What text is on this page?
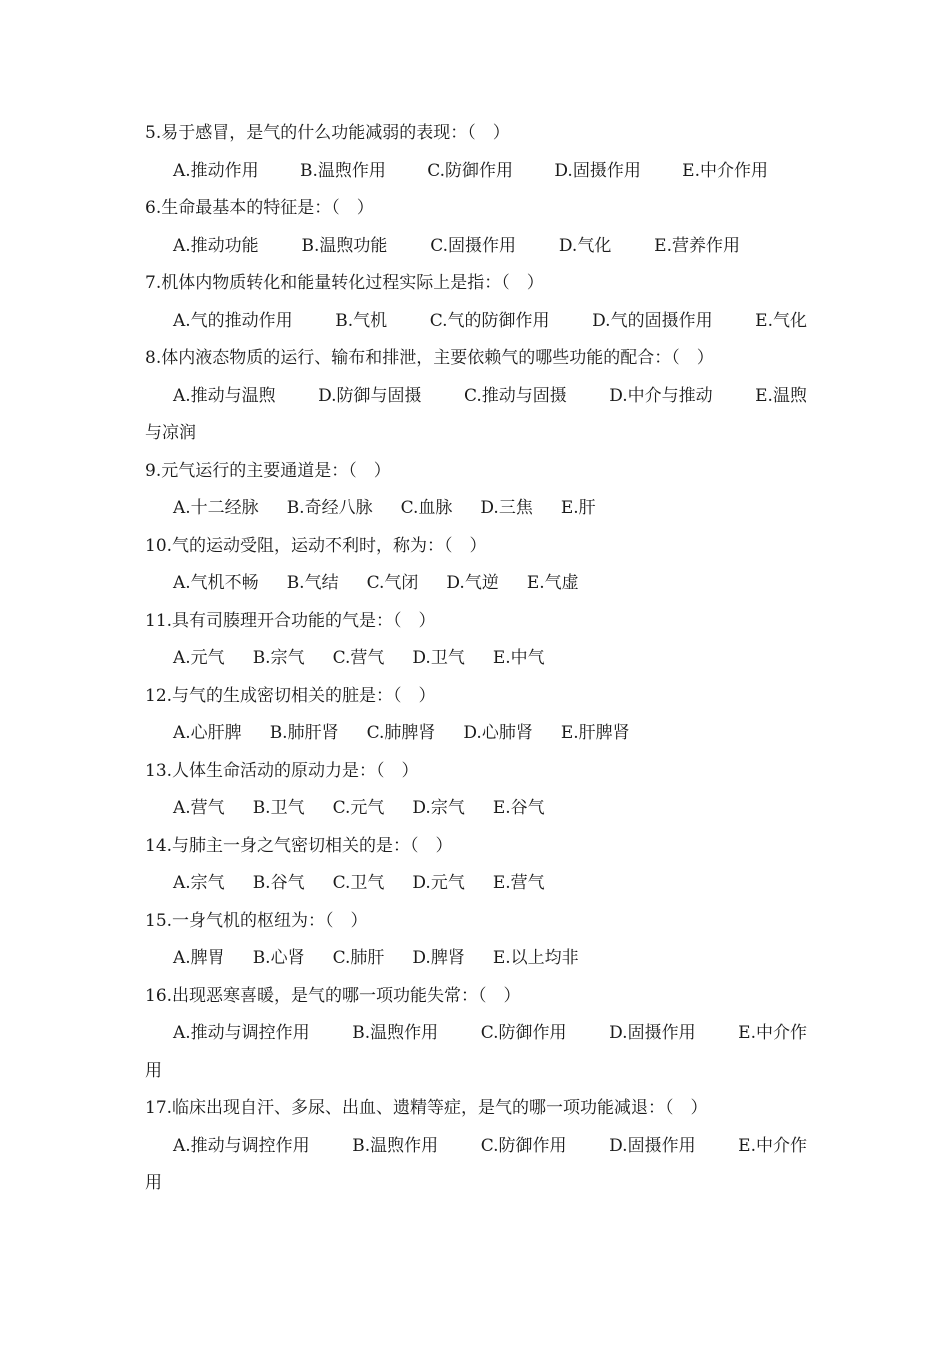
5.易于感冒，是气的什么功能减弱的表现：（　）
A.推动作用 B.温煦作用 C.防御作用 D.固摄作用 E.中介作用
6.生命最基本的特征是：（　）
A.推动功能	B.温煦功能	C.固摄作用	D.气化	E.营养作用
7.机体内物质转化和能量转化过程实际上是指：（　）
A.气的推动作用	B.气机	C.气的防御作用	D.气的固摄作用	E.气化
8.体内液态物质的运行、输布和排泄，主要依赖气的哪些功能的配合：（　）
A.推动与温煦 D.防御与固摄 C.推动与固摄 D.中介与推动 E.温煦
与凉润
9.元气运行的主要通道是：（　）
A.十二经脉 B.奇经八脉 C.血脉 D.三焦 E.肝
10.气的运动受阻，运动不利时，称为：（　）
A.气机不畅 B.气结 C.气闭 D.气逆 E.气虚
11.具有司腠理开合功能的气是：（　）
A.元气 B.宗气 C.营气 D.卫气 E.中气
12.与气的生成密切相关的脏是：（　）
A.心肝脾 B.肺肝肾 C.肺脾肾 D.心肺肾 E.肝脾肾
13.人体生命活动的原动力是：（　）
A.营气 B.卫气 C.元气 D.宗气 E.谷气
14.与肺主一身之气密切相关的是：（　）
A.宗气 B.谷气 C.卫气 D.元气 E.营气
15.一身气机的枢纽为：（　）
A.脾胃 B.心肾 C.肺肝 D.脾肾 E.以上均非
16.出现恶寒喜暖，是气的哪一项功能失常：（　）
A.推动与调控作用	B.温煦作用	C.防御作用	D.固摄作用	E.中介作
用
17.临床出现自汗、多尿、出血、遗精等症，是气的哪一项功能减退：（　）
A.推动与调控作用	B.温煦作用	C.防御作用	D.固摄作用	E.中介作
用
